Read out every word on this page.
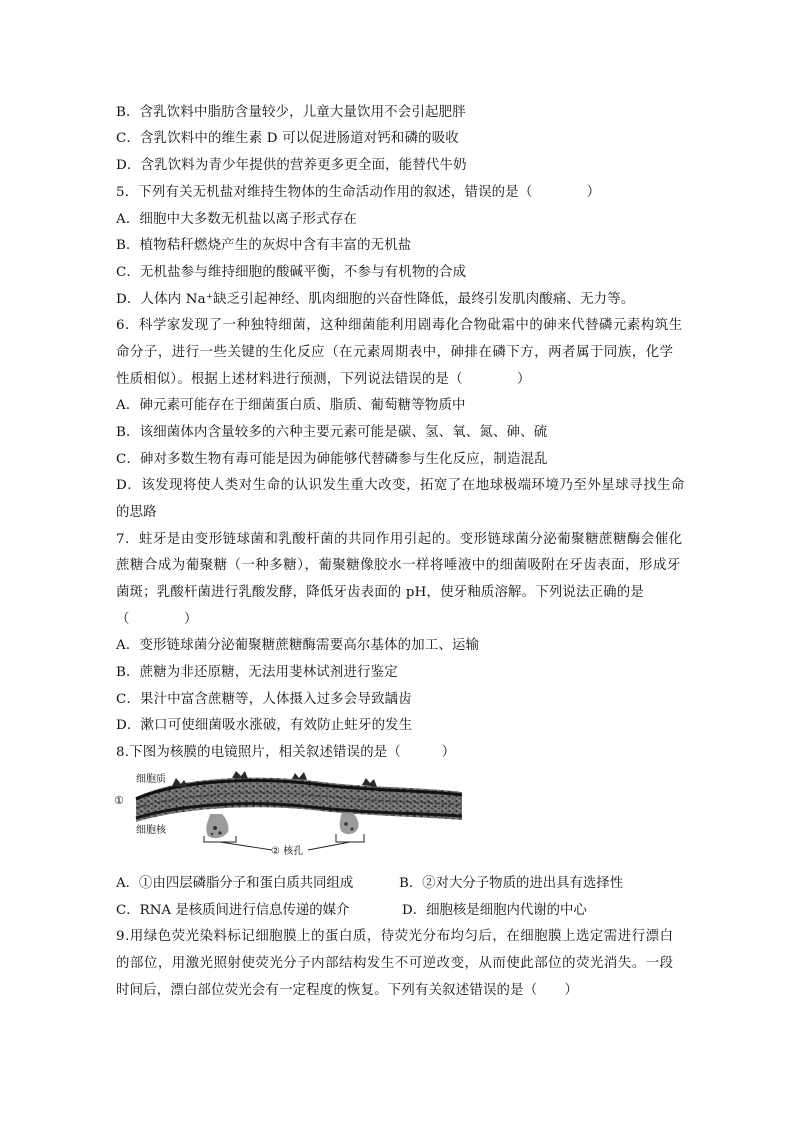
B．含乳饮料中脂肪含量较少，儿童大量饮用不会引起肥胖
C．含乳饮料中的维生素 D 可以促进肠道对钙和磷的吸收
D．含乳饮料为青少年提供的营养更多更全面，能替代牛奶
5．下列有关无机盐对维持生物体的生命活动作用的叙述，错误的是（　　　　）
A．细胞中大多数无机盐以离子形式存在
B．植物秸秆燃烧产生的灰烬中含有丰富的无机盐
C．无机盐参与维持细胞的酸碱平衡，不参与有机物的合成
D．人体内 Na⁺缺乏引起神经、肌肉细胞的兴奋性降低，最终引发肌肉酸痛、无力等。
6．科学家发现了一种独特细菌，这种细菌能利用剧毒化合物砒霜中的砷来代替磷元素构筑生
命分子，进行一些关键的生化反应（在元素周期表中，砷排在磷下方，两者属于同族，化学
性质相似）。根据上述材料进行预测，下列说法错误的是（　　　　）
A．砷元素可能存在于细菌蛋白质、脂质、葡萄糖等物质中
B．该细菌体内含量较多的六种主要元素可能是碳、氢、氧、氮、砷、硫
C．砷对多数生物有毒可能是因为砷能够代替磷参与生化反应，制造混乱
D．该发现将使人类对生命的认识发生重大改变，拓宽了在地球极端环境乃至外星球寻找生命
的思路
7．蛀牙是由变形链球菌和乳酸杆菌的共同作用引起的。变形链球菌分泌葡聚糖蔗糖酶会催化
蔗糖合成为葡聚糖（一种多糖），葡聚糖像胶水一样将唾液中的细菌吸附在牙齿表面，形成牙
菌斑；乳酸杆菌进行乳酸发酵，降低牙齿表面的 pH，使牙釉质溶解。下列说法正确的是
（　　　　）
A．变形链球菌分泌葡聚糖蔗糖酶需要高尔基体的加工、运输
B．蔗糖为非还原糖，无法用斐林试剂进行鉴定
C．果汁中富含蔗糖等，人体摄入过多会导致龋齿
D．漱口可使细菌吸水涨破，有效防止蛀牙的发生
8.下图为核膜的电镜照片，相关叙述错误的是（　　　）
细胞质
①
细胞核
② 核孔
A．①由四层磷脂分子和蛋白质共同组成	B．②对大分子物质的进出具有选择性
C．RNA 是核质间进行信息传递的媒介	D．细胞核是细胞内代谢的中心
9.用绿色荧光染料标记细胞膜上的蛋白质，待荧光分布均匀后，在细胞膜上选定需进行漂白
的部位，用激光照射使荧光分子内部结构发生不可逆改变，从而使此部位的荧光消失。一段
时间后，漂白部位荧光会有一定程度的恢复。下列有关叙述错误的是（　　）
